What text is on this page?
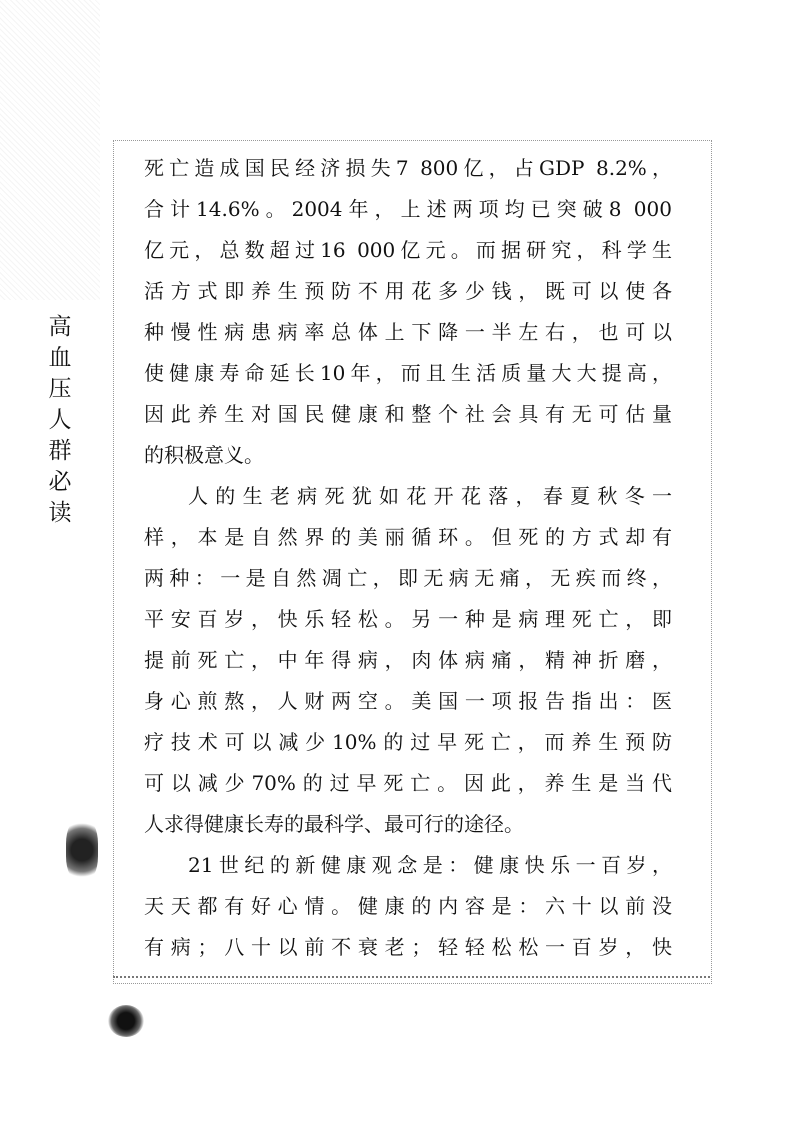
高
血
压
人
群
必
读
死亡造成国民经济损失7 800亿，占GDP 8.2%，
合计14.6%。2004年，上述两项均已突破8 000
亿元，总数超过16 000亿元。而据研究，科学生
活方式即养生预防不用花多少钱，既可以使各
种慢性病患病率总体上下降一半左右，也可以
使健康寿命延长10年，而且生活质量大大提高，
因此养生对国民健康和整个社会具有无可估量
的积极意义。
人的生老病死犹如花开花落，春夏秋冬一
样，本是自然界的美丽循环。但死的方式却有
两种：一是自然凋亡，即无病无痛，无疾而终，
平安百岁，快乐轻松。另一种是病理死亡，即
提前死亡，中年得病，肉体病痛，精神折磨，
身心煎熬，人财两空。美国一项报告指出：医
疗技术可以减少10%的过早死亡，而养生预防
可以减少70%的过早死亡。因此，养生是当代
人求得健康长寿的最科学、最可行的途径。
21世纪的新健康观念是：健康快乐一百岁，
天天都有好心情。健康的内容是：六十以前没
有病；八十以前不衰老；轻轻松松一百岁，快
